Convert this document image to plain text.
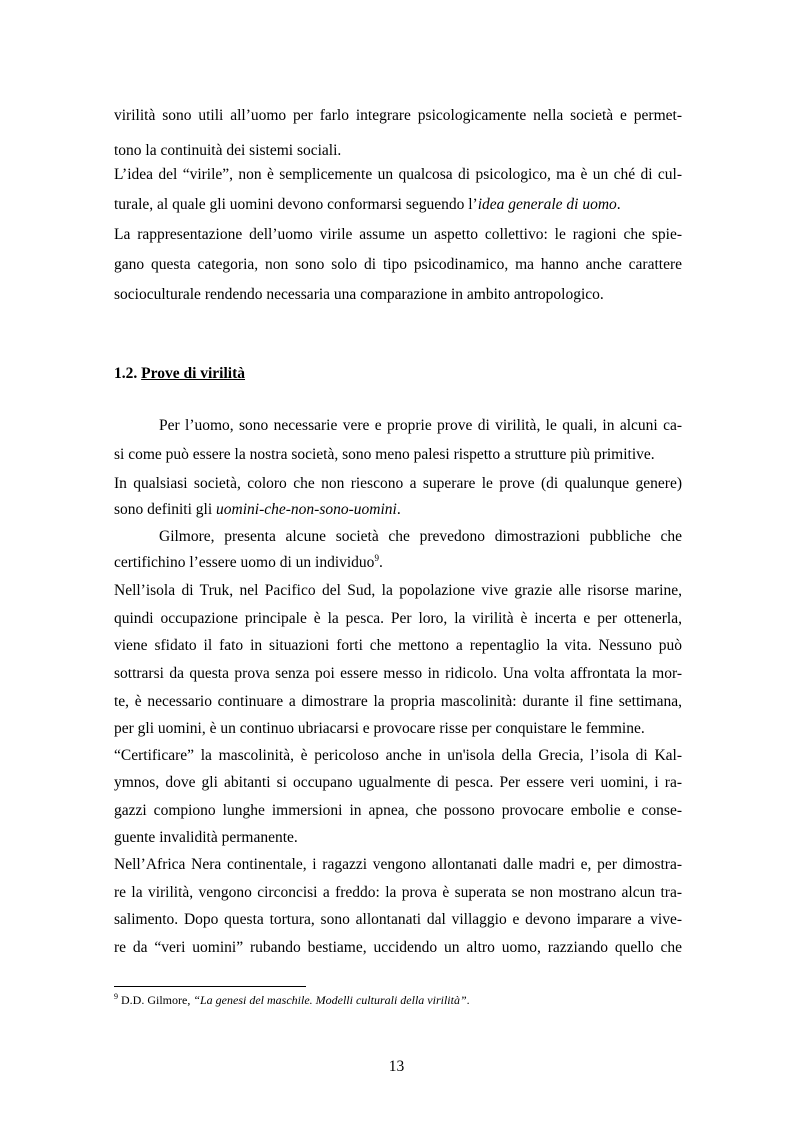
virilità sono utili all’uomo per farlo integrare psicologicamente nella società e permet-
tono la continuità dei sistemi sociali.
L’idea del “virile”, non è semplicemente un qualcosa di psicologico, ma è un ché di cul-
turale, al quale gli uomini devono conformarsi seguendo l’idea generale di uomo.
La rappresentazione dell’uomo virile assume un aspetto collettivo: le ragioni che spie-
gano questa categoria, non sono solo di tipo psicodinamico, ma hanno anche carattere
socioculturale rendendo necessaria una comparazione in ambito antropologico.
1.2. Prove di virilità
Per l’uomo, sono necessarie vere e proprie prove di virilità, le quali, in alcuni ca-
si come può essere la nostra società, sono meno palesi rispetto a strutture più primitive.
In qualsiasi società, coloro che non riescono a superare le prove (di qualunque genere)
sono definiti gli uomini-che-non-sono-uomini.
Gilmore, presenta alcune società che prevedono dimostrazioni pubbliche che
certifichino l’essere uomo di un individuo$^9$.
Nell’isola di Truk, nel Pacifico del Sud, la popolazione vive grazie alle risorse marine,
quindi occupazione principale è la pesca. Per loro, la virilità è incerta e per ottenerla,
viene sfidato il fato in situazioni forti che mettono a repentaglio la vita. Nessuno può
sottrarsi da questa prova senza poi essere messo in ridicolo. Una volta affrontata la mor-
te, è necessario continuare a dimostrare la propria mascolinità: durante il fine settimana,
per gli uomini, è un continuo ubriacarsi e provocare risse per conquistare le femmine.
“Certificare” la mascolinità, è pericoloso anche in un'isola della Grecia, l’isola di Kal-
ymnos, dove gli abitanti si occupano ugualmente di pesca. Per essere veri uomini, i ra-
gazzi compiono lunghe immersioni in apnea, che possono provocare embolie e conse-
guente invalidità permanente.
Nell’Africa Nera continentale, i ragazzi vengono allontanati dalle madri e, per dimostra-
re la virilità, vengono circoncisi a freddo: la prova è superata se non mostrano alcun tra-
salimento. Dopo questa tortura, sono allontanati dal villaggio e devono imparare a vive-
re da “veri uomini” rubando bestiame, uccidendo un altro uomo, razziando quello che
$^9$ D.D. Gilmore, “La genesi del maschile. Modelli culturali della virilità”.
13
